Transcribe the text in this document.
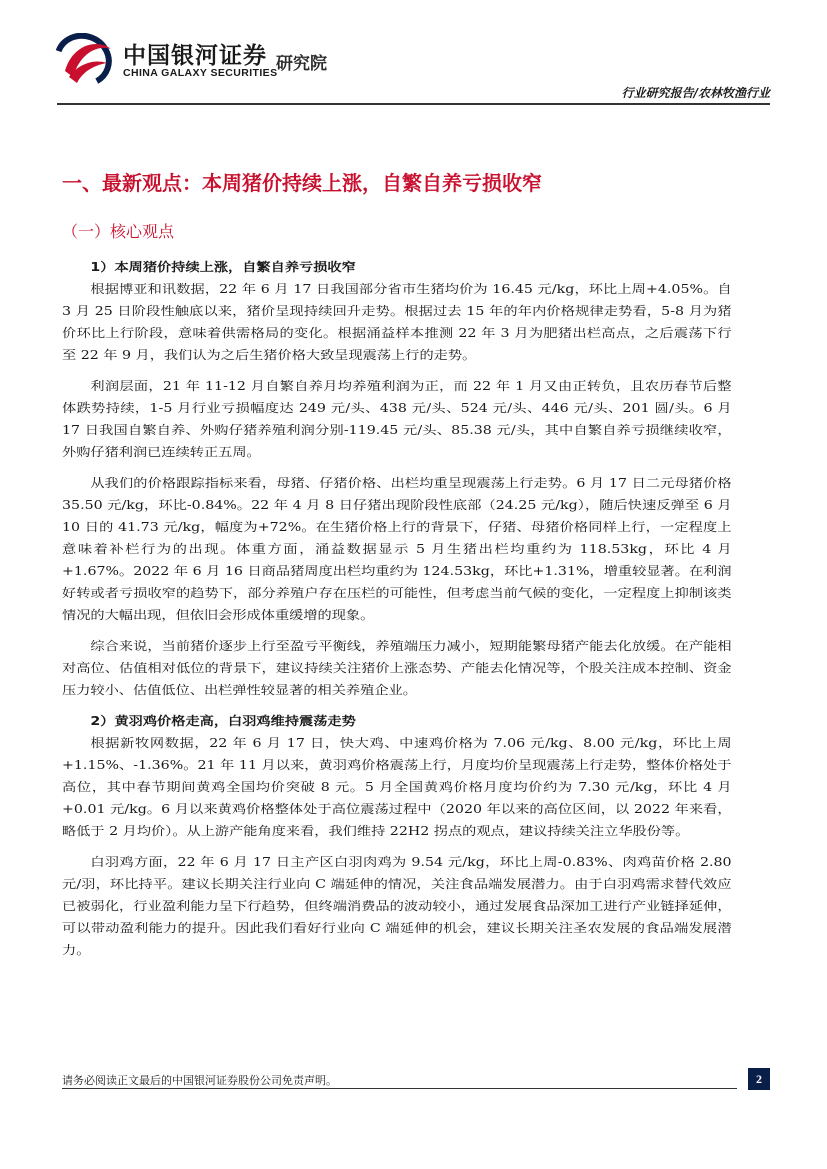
中国银河证券
CHINA GALAXY SECURITIES
研究院
行业研究报告/农林牧渔行业
一、最新观点：本周猪价持续上涨，自繁自养亏损收窄
（一）核心观点

1）本周猪价持续上涨，自繁自养亏损收窄

根据博亚和讯数据，22 年 6 月 17 日我国部分省市生猪均价为 16.45 元/kg，环比上周+4.05%。自 3 月 25 日阶段性触底以来，猪价呈现持续回升走势。根据过去 15 年的年内价格规律走势看，5-8 月为猪价环比上行阶段，意味着供需格局的变化。根据涌益样本推测 22 年 3 月为肥猪出栏高点，之后震荡下行至 22 年 9 月，我们认为之后生猪价格大致呈现震荡上行的走势。

利润层面，21 年 11-12 月自繁自养月均养殖利润为正，而 22 年 1 月又由正转负，且农历春节后整体跌势持续，1-5 月行业亏损幅度达 249 元/头、438 元/头、524 元/头、446 元/头、201 圆/头。6 月 17 日我国自繁自养、外购仔猪养殖利润分别-119.45 元/头、85.38 元/头，其中自繁自养亏损继续收窄，外购仔猪利润已连续转正五周。

从我们的价格跟踪指标来看，母猪、仔猪价格、出栏均重呈现震荡上行走势。6 月 17 日二元母猪价格 35.50 元/kg，环比-0.84%。22 年 4 月 8 日仔猪出现阶段性底部（24.25 元/kg），随后快速反弹至 6 月 10 日的 41.73 元/kg，幅度为+72%。在生猪价格上行的背景下，仔猪、母猪价格同样上行，一定程度上意味着补栏行为的出现。体重方面，涌益数据显示 5 月生猪出栏均重约为 118.53kg，环比 4 月+1.67%。2022 年 6 月 16 日商品猪周度出栏均重约为 124.53kg，环比+1.31%，增重较显著。在利润好转或者亏损收窄的趋势下，部分养殖户存在压栏的可能性，但考虑当前气候的变化，一定程度上抑制该类情况的大幅出现，但依旧会形成体重缓增的现象。

综合来说，当前猪价逐步上行至盈亏平衡线，养殖端压力减小，短期能繁母猪产能去化放缓。在产能相对高位、估值相对低位的背景下，建议持续关注猪价上涨态势、产能去化情况等，个股关注成本控制、资金压力较小、估值低位、出栏弹性较显著的相关养殖企业。

2）黄羽鸡价格走高，白羽鸡维持震荡走势

根据新牧网数据，22 年 6 月 17 日，快大鸡、中速鸡价格为 7.06 元/kg、8.00 元/kg，环比上周+1.15%、-1.36%。21 年 11 月以来，黄羽鸡价格震荡上行，月度均价呈现震荡上行走势，整体价格处于高位，其中春节期间黄鸡全国均价突破 8 元。5 月全国黄鸡价格月度均价约为 7.30 元/kg，环比 4 月+0.01 元/kg。6 月以来黄鸡价格整体处于高位震荡过程中（2020 年以来的高位区间，以 2022 年来看，略低于 2 月均价）。从上游产能角度来看，我们维持 22H2 拐点的观点，建议持续关注立华股份等。

白羽鸡方面，22 年 6 月 17 日主产区白羽肉鸡为 9.54 元/kg，环比上周-0.83%、肉鸡苗价格 2.80 元/羽，环比持平。建议长期关注行业向 C 端延伸的情况，关注食品端发展潜力。由于白羽鸡需求替代效应已被弱化，行业盈利能力呈下行趋势，但终端消费品的波动较小，通过发展食品深加工进行产业链择延伸，可以带动盈利能力的提升。因此我们看好行业向 C 端延伸的机会，建议长期关注圣农发展的食品端发展潜力。

请务必阅读正文最后的中国银河证券股份公司免责声明。	2
